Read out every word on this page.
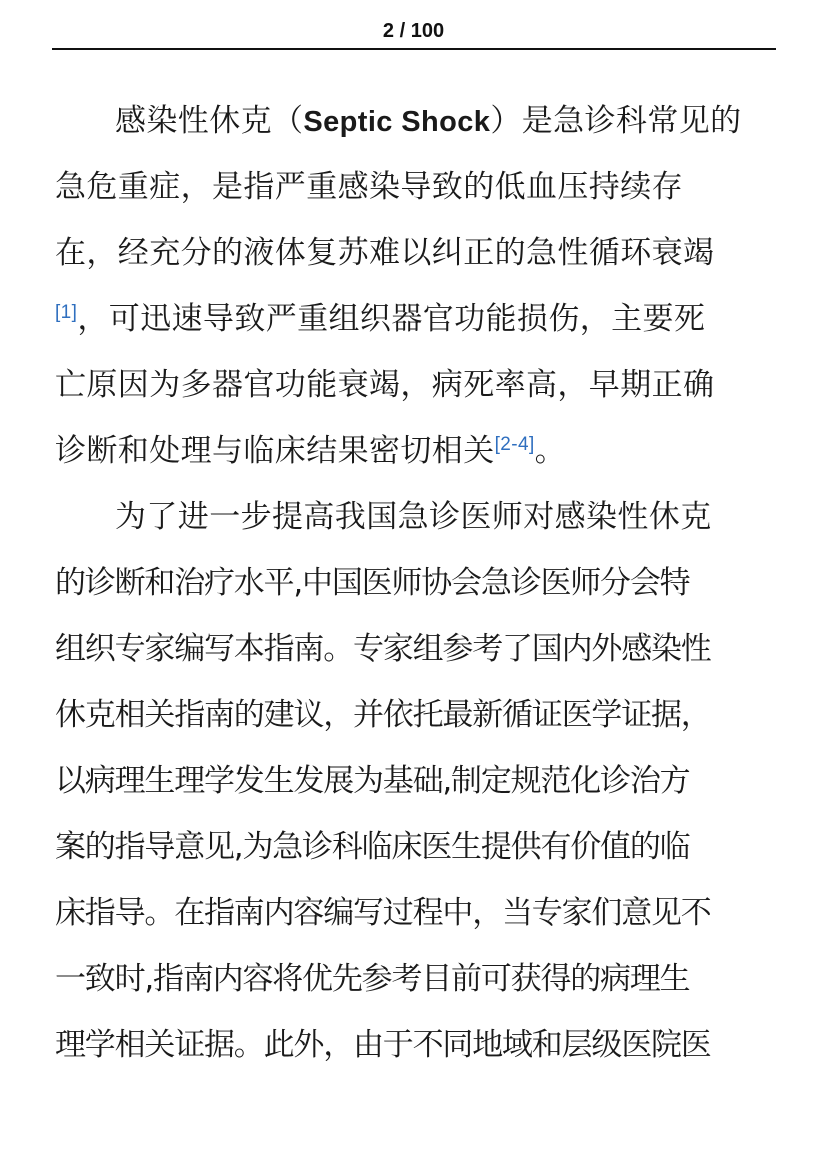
2 / 100
感染性休克（Septic Shock）是急诊科常见的
急危重症，是指严重感染导致的低血压持续存
在，经充分的液体复苏难以纠正的急性循环衰竭
[1]，可迅速导致严重组织器官功能损伤，主要死
亡原因为多器官功能衰竭，病死率高，早期正确
诊断和处理与临床结果密切相关[2-4]。
为了进一步提高我国急诊医师对感染性休克
的诊断和治疗水平,中国医师协会急诊医师分会特
组织专家编写本指南。专家组参考了国内外感染性
休克相关指南的建议，并依托最新循证医学证据，
以病理生理学发生发展为基础,制定规范化诊治方
案的指导意见,为急诊科临床医生提供有价值的临
床指导。在指南内容编写过程中，当专家们意见不
一致时,指南内容将优先参考目前可获得的病理生
理学相关证据。此外，由于不同地域和层级医院医
